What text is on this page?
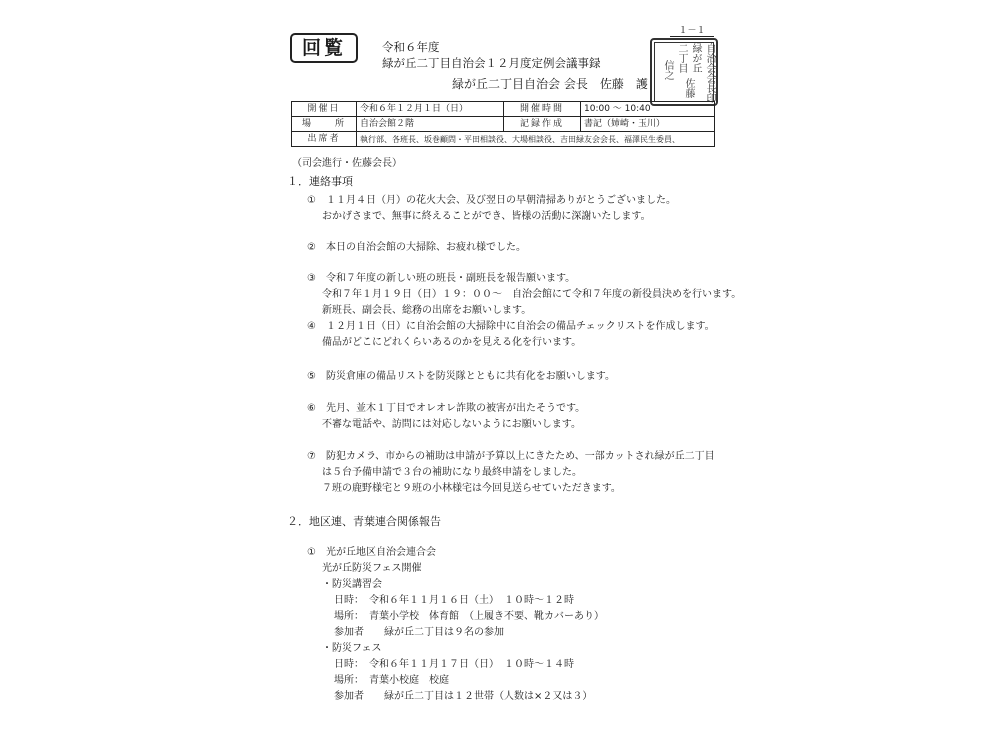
回覧	令和６年度
緑が丘二丁目自治会１２月度定例会議事録
緑が丘二丁目自治会 会長　佐藤　護
１－１
自治会
緑が丘
二丁目
会長印
佐藤
信之
開催日	令和６年１２月１日（日）	開催時間	10:00 ～ 10:40
場　　所	自治会館２階	記録作成	書記（姉崎・玉川）
出席者	執行部、各班長、坂巻顧問・平田相談役、大場相談役、吉田緑友会会長、福澤民生委員、		
（司会進行・佐藤会長）
１．連絡事項
①　１１月４日（月）の花火大会、及び翌日の早朝清掃ありがとうございました。
おかげさまで、無事に終えることができ、皆様の活動に深謝いたします。
②　本日の自治会館の大掃除、お疲れ様でした。
③　令和７年度の新しい班の班長・副班長を報告願います。
令和７年１月１９日（日）１９：００～　自治会館にて令和７年度の新役員決めを行います。
新班長、副会長、総務の出席をお願いします。
④　１２月１日（日）に自治会館の大掃除中に自治会の備品チェックリストを作成します。
備品がどこにどれくらいあるのかを見える化を行います。
⑤　防災倉庫の備品リストを防災隊とともに共有化をお願いします。
⑥　先月、並木１丁目でオレオレ詐欺の被害が出たそうです。
不審な電話や、訪問には対応しないようにお願いします。
⑦　防犯カメラ、市からの補助は申請が予算以上にきたため、一部カットされ緑が丘二丁目
は５台予備申請で３台の補助になり最終申請をしました。
７班の鹿野様宅と９班の小林様宅は今回見送らせていただきます。
２．地区連、青葉連合関係報告
①　光が丘地区自治会連合会
光が丘防災フェス開催
・防災講習会
日時：　令和６年１１月１６日（土）　１０時～１２時
場所：　青葉小学校　体育館　（上履き不要、靴カバーあり）
参加者　　緑が丘二丁目は９名の参加
・防災フェス
日時：　令和６年１１月１７日（日）　１０時～１４時
場所：　青葉小校庭　校庭
参加者　　緑が丘二丁目は１２世帯（人数は×２又は３）
